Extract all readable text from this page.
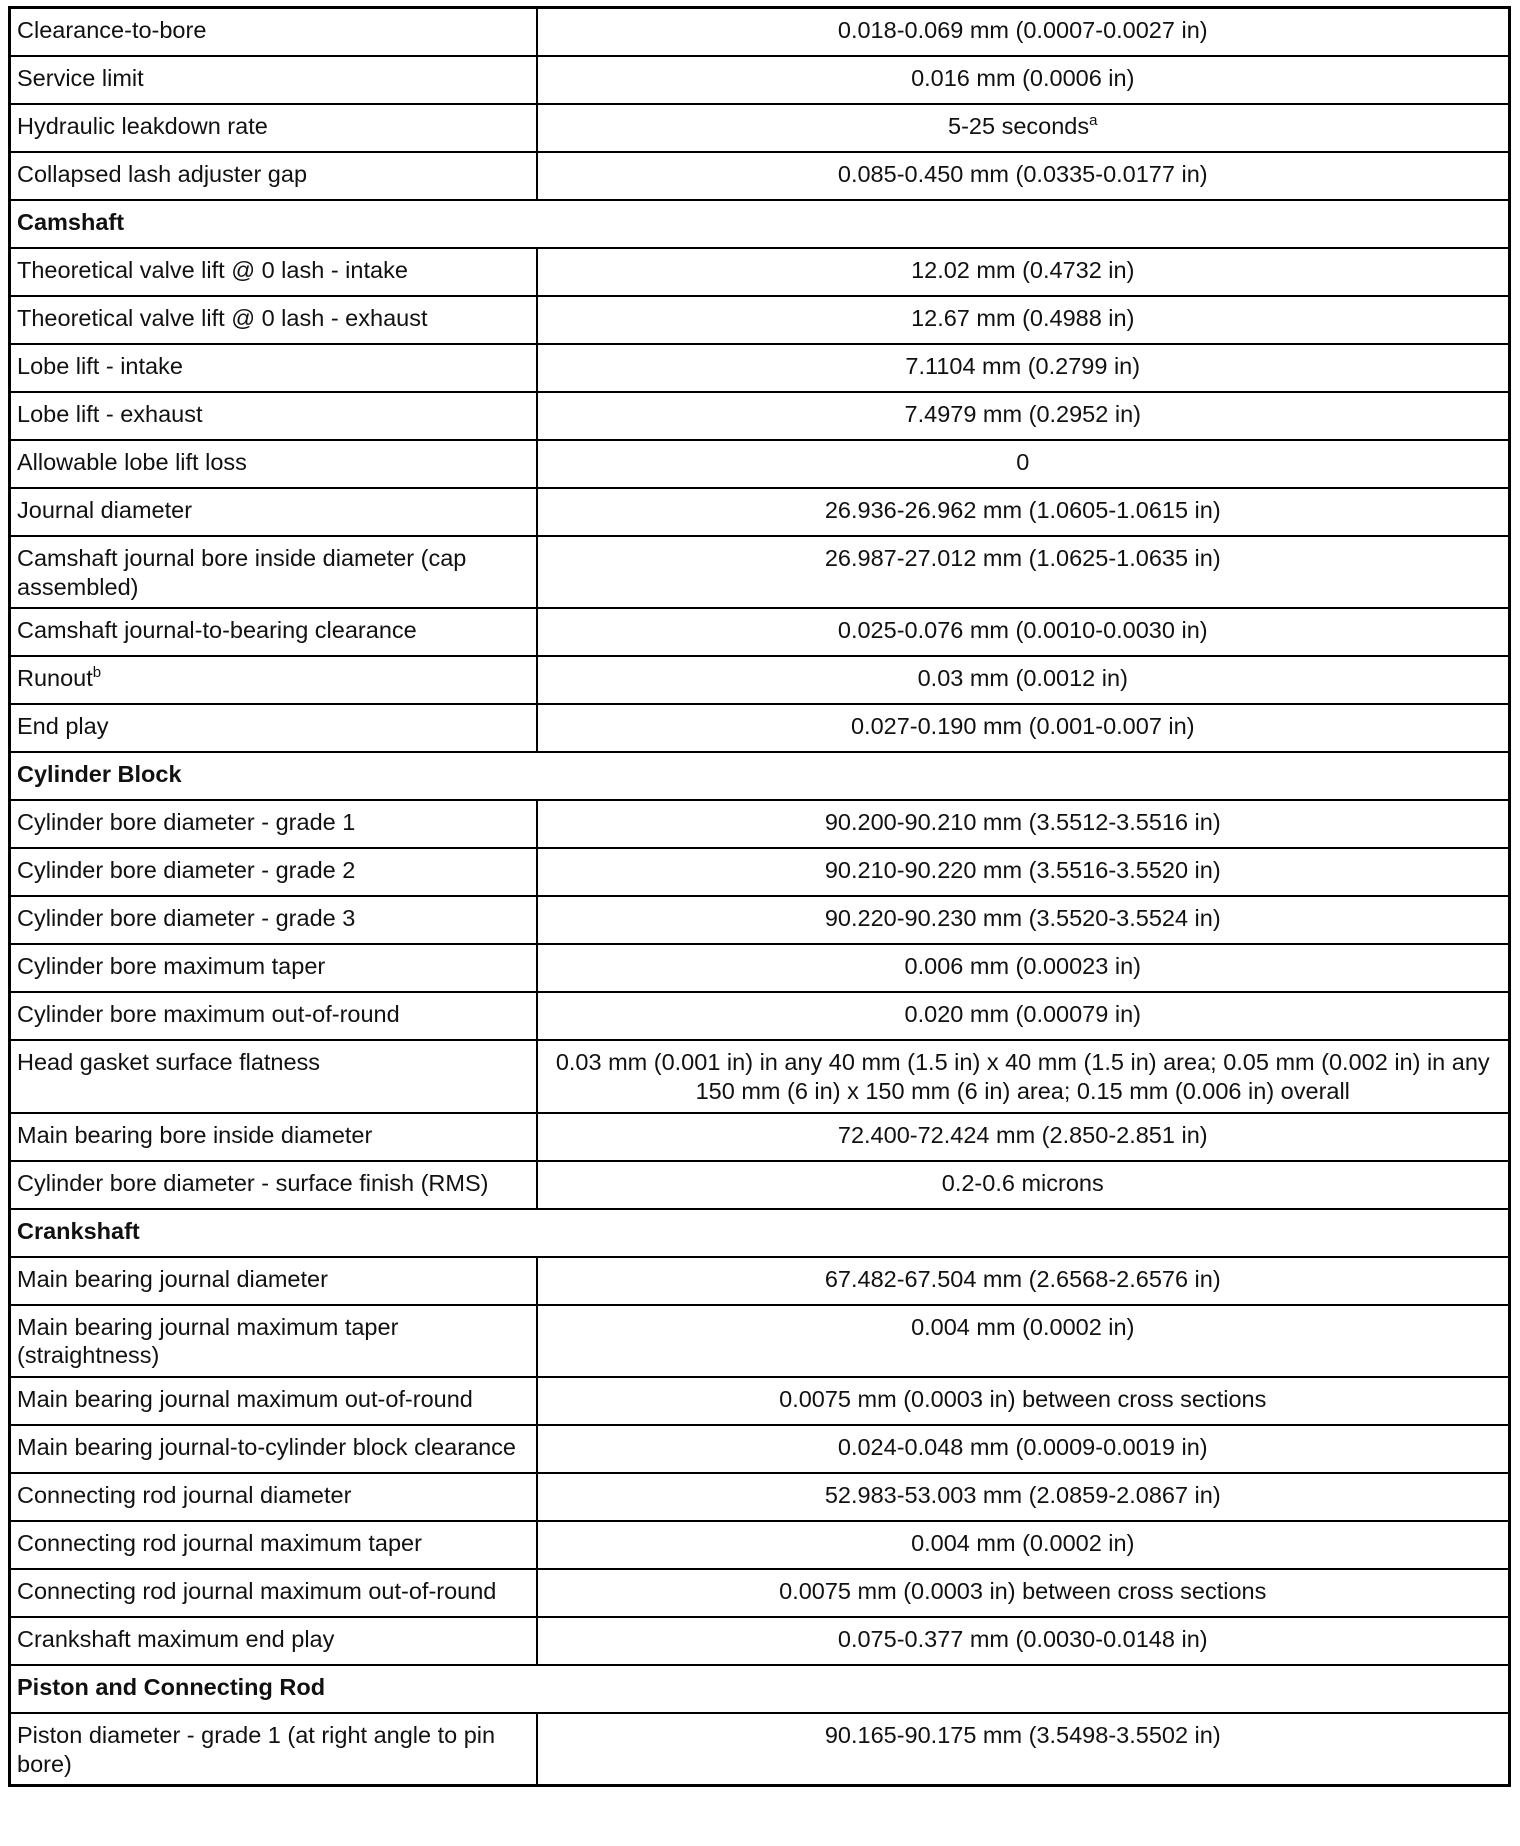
Clearance-to-bore	0.018-0.069 mm (0.0007-0.0027 in)
Service limit	0.016 mm (0.0006 in)
Hydraulic leakdown rate	5-25 seconds$^a$
Collapsed lash adjuster gap	0.085-0.450 mm (0.0335-0.0177 in)
Camshaft	
Theoretical valve lift @ 0 lash - intake	12.02 mm (0.4732 in)
Theoretical valve lift @ 0 lash - exhaust	12.67 mm (0.4988 in)
Lobe lift - intake	7.1104 mm (0.2799 in)
Lobe lift - exhaust	7.4979 mm (0.2952 in)
Allowable lobe lift loss	0
Journal diameter	26.936-26.962 mm (1.0605-1.0615 in)
Camshaft journal bore inside diameter (cap assembled)	26.987-27.012 mm (1.0625-1.0635 in)
Camshaft journal-to-bearing clearance	0.025-0.076 mm (0.0010-0.0030 in)
Runout$^b$	0.03 mm (0.0012 in)
End play	0.027-0.190 mm (0.001-0.007 in)
Cylinder Block	
Cylinder bore diameter - grade 1	90.200-90.210 mm (3.5512-3.5516 in)
Cylinder bore diameter - grade 2	90.210-90.220 mm (3.5516-3.5520 in)
Cylinder bore diameter - grade 3	90.220-90.230 mm (3.5520-3.5524 in)
Cylinder bore maximum taper	0.006 mm (0.00023 in)
Cylinder bore maximum out-of-round	0.020 mm (0.00079 in)
Head gasket surface flatness	0.03 mm (0.001 in) in any 40 mm (1.5 in) x 40 mm (1.5 in) area; 0.05 mm (0.002 in) in any 150 mm (6 in) x 150 mm (6 in) area; 0.15 mm (0.006 in) overall
Main bearing bore inside diameter	72.400-72.424 mm (2.850-2.851 in)
Cylinder bore diameter - surface finish (RMS)	0.2-0.6 microns
Crankshaft	
Main bearing journal diameter	67.482-67.504 mm (2.6568-2.6576 in)
Main bearing journal maximum taper (straightness)	0.004 mm (0.0002 in)
Main bearing journal maximum out-of-round	0.0075 mm (0.0003 in) between cross sections
Main bearing journal-to-cylinder block clearance	0.024-0.048 mm (0.0009-0.0019 in)
Connecting rod journal diameter	52.983-53.003 mm (2.0859-2.0867 in)
Connecting rod journal maximum taper	0.004 mm (0.0002 in)
Connecting rod journal maximum out-of-round	0.0075 mm (0.0003 in) between cross sections
Crankshaft maximum end play	0.075-0.377 mm (0.0030-0.0148 in)
Piston and Connecting Rod	
Piston diameter - grade 1 (at right angle to pin bore)	90.165-90.175 mm (3.5498-3.5502 in)
